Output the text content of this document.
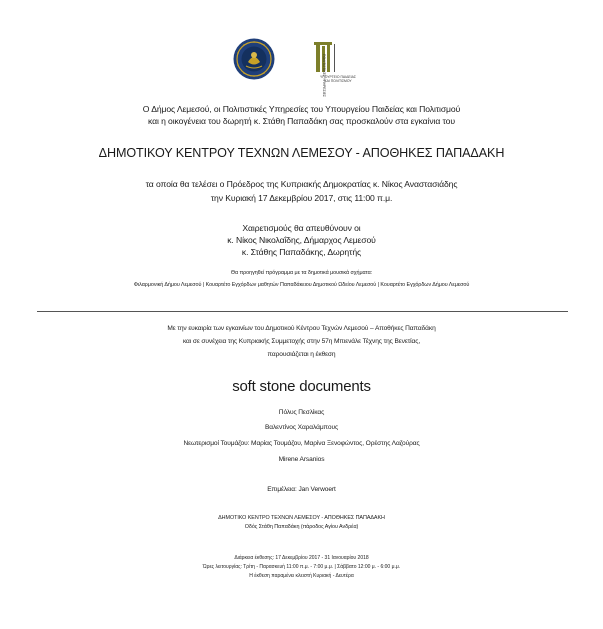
ΠΟΛΙΤΙΣΤΙΚΕΣ ΥΠΗΡΕΣΙΕΣ
ΥΠΟΥΡΓΕΙΟ ΠΑΙΔΕΙΑΣ
ΚΑΙ ΠΟΛΙΤΙΣΜΟΥ
Ο Δήμος Λεμεσού, οι Πολιτιστικές Υπηρεσίες του Υπουργείου Παιδείας και Πολιτισμού
και η οικογένεια του δωρητή κ. Στάθη Παπαδάκη σας προσκαλούν στα εγκαίνια του
ΔΗΜΟΤΙΚΟΥ ΚΕΝΤΡΟΥ ΤΕΧΝΩΝ ΛΕΜΕΣΟΥ - ΑΠΟΘΗΚΕΣ ΠΑΠΑΔΑΚΗ
τα οποία θα τελέσει ο Πρόεδρος της Κυπριακής Δημοκρατίας κ. Νίκος Αναστασιάδης
την Κυριακή 17 Δεκεμβρίου 2017, στις 11:00 π.μ.
Χαιρετισμούς θα απευθύνουν οι
κ. Νίκος Νικολαΐδης, Δήμαρχος Λεμεσού
κ. Στάθης Παπαδάκης, Δωρητής
Θα προηγηθεί πρόγραμμα με τα δημοτικά μουσικά σχήματα:
Φιλαρμονική Δήμου Λεμεσού | Κουαρτέτο Εγχόρδων μαθητών Παπαδάκειου Δημοτικού Ωδείου Λεμεσού | Κουαρτέτο Εγχόρδων Δήμου Λεμεσού
Με την ευκαιρία των εγκαινίων του Δημοτικού Κέντρου Τεχνών Λεμεσού – Αποθήκες Παπαδάκη
και σε συνέχεια της Κυπριακής Συμμετοχής στην 57η Μπιενάλε Τέχνης της Βενετίας,
παρουσιάζεται η έκθεση
soft stone documents
Πόλυς Πεσλίκας
Βαλεντίνος Χαραλάμπους
Νεωτερισμοί Τουμάζου: Μαρίας Τουμάζου, Μαρίνα Ξενοφώντος, Ορέστης Λαζούρας
Mirene Arsanios
Επιμέλεια: Jan Verwoert
ΔΗΜΟΤΙΚΟ ΚΕΝΤΡΟ ΤΕΧΝΩΝ ΛΕΜΕΣΟΥ - ΑΠΟΘΗΚΕΣ ΠΑΠΑΔΑΚΗ
Οδός Στάθη Παπαδάκη (πάροδος Αγίου Ανδρέα)
Διάρκεια έκθεσης: 17 Δεκεμβρίου 2017 - 31 Ιανουαρίου 2018
Ώρες λειτουργίας: Τρίτη - Παρασκευή 11:00 π.μ. - 7:00 μ.μ. | Σάββατο 12:00 μ. - 6:00 μ.μ.
Η έκθεση παραμένει κλειστή Κυριακή - Δευτέρα
